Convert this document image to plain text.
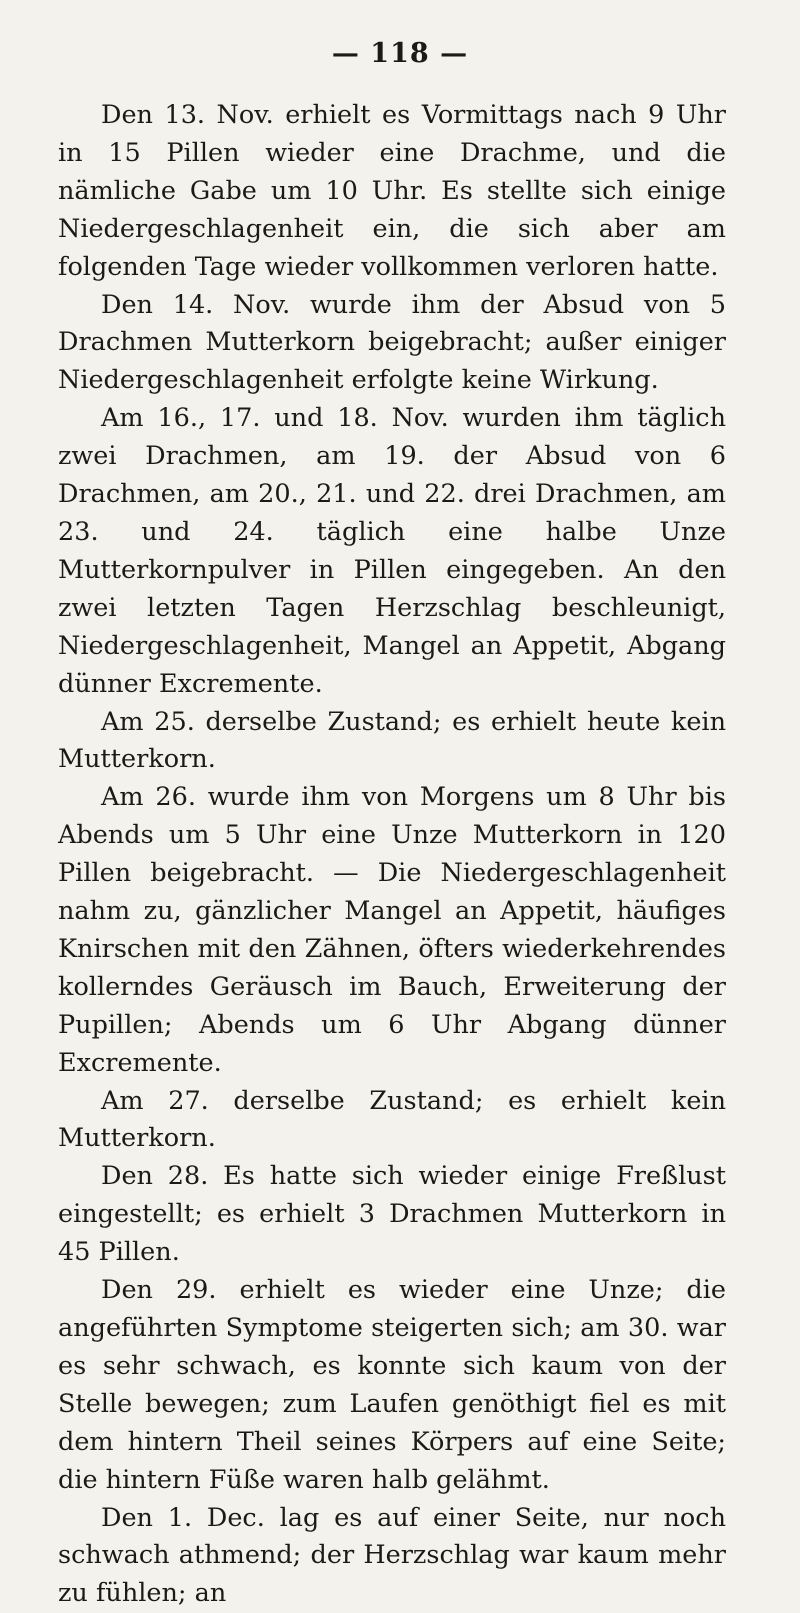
— 118 —

Den 13. Nov. erhielt es Vormittags nach 9 Uhr in 15 Pillen wieder eine Drachme, und die nämliche Gabe um 10 Uhr. Es stellte sich einige Niedergeschlagenheit ein, die sich aber am folgenden Tage wieder vollkommen verloren hatte.

Den 14. Nov. wurde ihm der Absud von 5 Drachmen Mutterkorn beigebracht; außer einiger Niedergeschlagenheit erfolgte keine Wirkung.

Am 16., 17. und 18. Nov. wurden ihm täglich zwei Drachmen, am 19. der Absud von 6 Drachmen, am 20., 21. und 22. drei Drachmen, am 23. und 24. täglich eine halbe Unze Mutterkornpulver in Pillen eingegeben. An den zwei letzten Tagen Herzschlag beschleunigt, Niedergeschlagenheit, Mangel an Appetit, Abgang dünner Excremente.

Am 25. derselbe Zustand; es erhielt heute kein Mutterkorn.

Am 26. wurde ihm von Morgens um 8 Uhr bis Abends um 5 Uhr eine Unze Mutterkorn in 120 Pillen beigebracht. — Die Niedergeschlagenheit nahm zu, gänzlicher Mangel an Appetit, häufiges Knirschen mit den Zähnen, öfters wiederkehrendes kollerndes Geräusch im Bauch, Erweiterung der Pupillen; Abends um 6 Uhr Abgang dünner Excremente.

Am 27. derselbe Zustand; es erhielt kein Mutterkorn.

Den 28. Es hatte sich wieder einige Freßlust eingestellt; es erhielt 3 Drachmen Mutterkorn in 45 Pillen.

Den 29. erhielt es wieder eine Unze; die angeführten Symptome steigerten sich; am 30. war es sehr schwach, es konnte sich kaum von der Stelle bewegen; zum Laufen genöthigt fiel es mit dem hintern Theil seines Körpers auf eine Seite; die hintern Füße waren halb gelähmt.

Den 1. Dec. lag es auf einer Seite, nur noch schwach athmend; der Herzschlag war kaum mehr zu fühlen; an
